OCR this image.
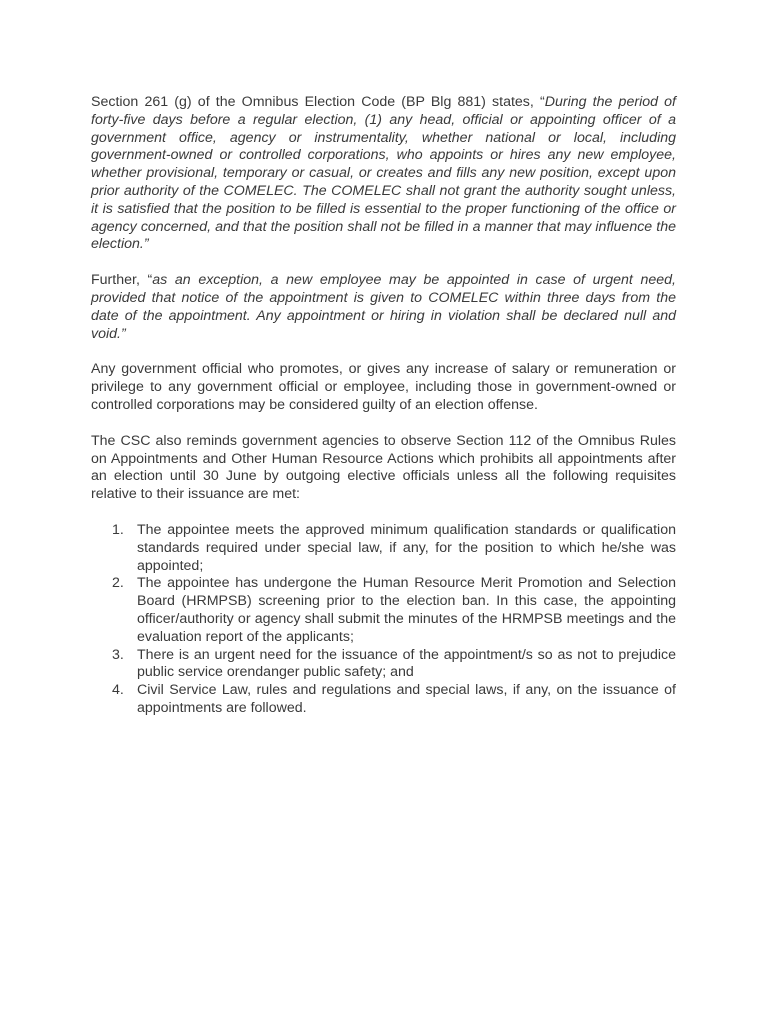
Section 261 (g) of the Omnibus Election Code (BP Blg 881) states, “During the period of forty-five days before a regular election, (1) any head, official or appointing officer of a government office, agency or instrumentality, whether national or local, including government-owned or controlled corporations, who appoints or hires any new employee, whether provisional, temporary or casual, or creates and fills any new position, except upon prior authority of the COMELEC. The COMELEC shall not grant the authority sought unless, it is satisfied that the position to be filled is essential to the proper functioning of the office or agency concerned, and that the position shall not be filled in a manner that may influence the election.”

Further, “as an exception, a new employee may be appointed in case of urgent need, provided that notice of the appointment is given to COMELEC within three days from the date of the appointment. Any appointment or hiring in violation shall be declared null and void.”

Any government official who promotes, or gives any increase of salary or remuneration or privilege to any government official or employee, including those in government-owned or controlled corporations may be considered guilty of an election offense.

The CSC also reminds government agencies to observe Section 112 of the Omnibus Rules on Appointments and Other Human Resource Actions which prohibits all appointments after an election until 30 June by outgoing elective officials unless all the following requisites relative to their issuance are met:

1. The appointee meets the approved minimum qualification standards or qualification standards required under special law, if any, for the position to which he/she was appointed;
2. The appointee has undergone the Human Resource Merit Promotion and Selection Board (HRMPSB) screening prior to the election ban. In this case, the appointing officer/authority or agency shall submit the minutes of the HRMPSB meetings and the evaluation report of the applicants;
3. There is an urgent need for the issuance of the appointment/s so as not to prejudice public service orendanger public safety; and
4. Civil Service Law, rules and regulations and special laws, if any, on the issuance of appointments are followed.
